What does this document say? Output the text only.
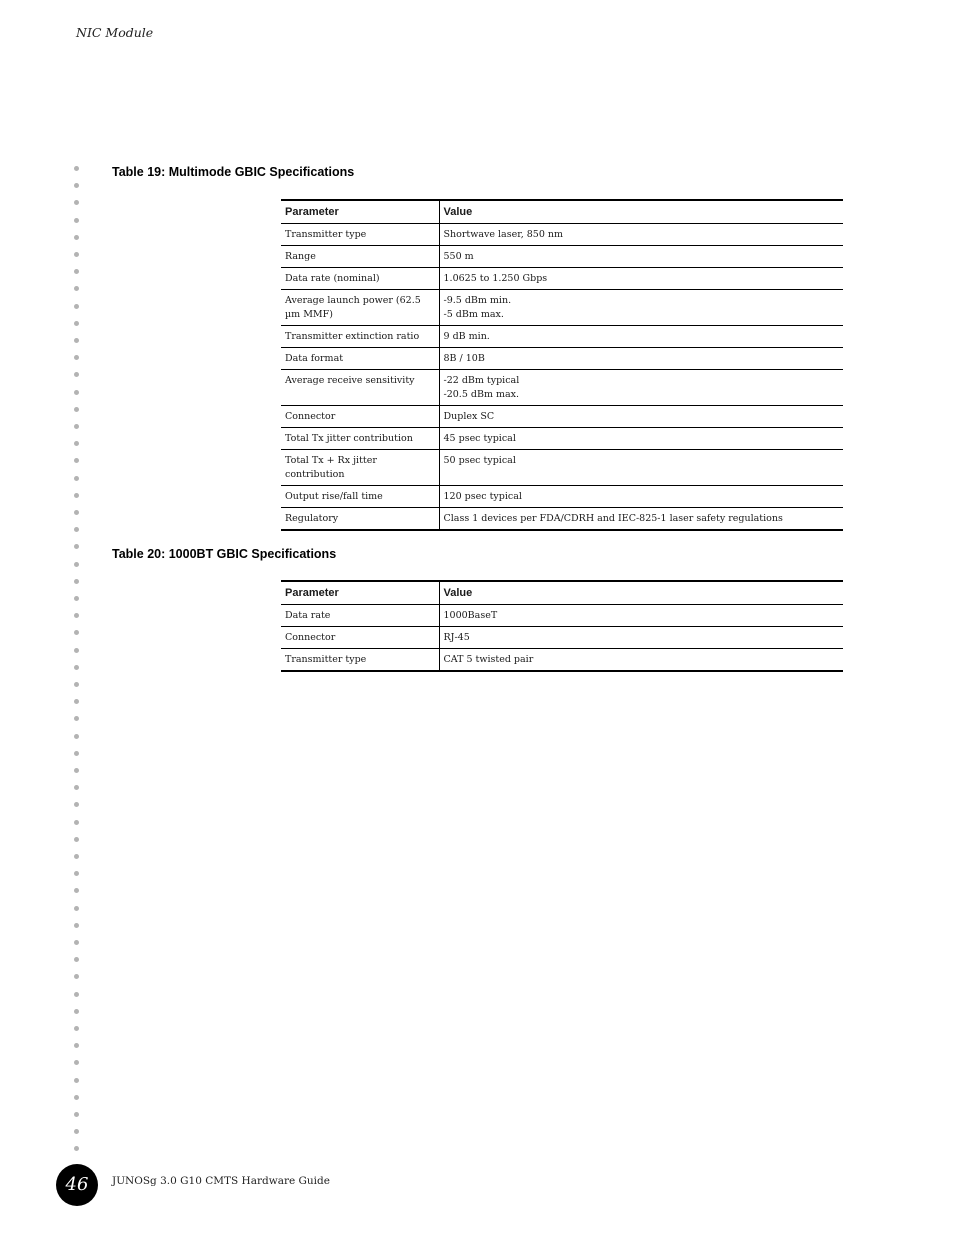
NIC Module
Table 19: Multimode GBIC Specifications
Parameter	Value
Transmitter type	Shortwave laser, 850 nm

Range	550 m

Data rate (nominal)	1.0625 to 1.250 Gbps

Average launch power (62.5 µm MMF)	-9.5 dBm min.
-5 dBm max.

Transmitter extinction ratio	9 dB min.

Data format	8B / 10B

Average receive sensitivity	-22 dBm typical
-20.5 dBm max.

Connector	Duplex SC

Total Tx jitter contribution	45 psec typical

Total Tx + Rx jitter contribution	50 psec typical

Output rise/fall time	120 psec typical

Regulatory	Class 1 devices per FDA/CDRH and IEC-825-1 laser safety regulations
Table 20: 1000BT GBIC Specifications
Parameter	Value
Data rate	1000BaseT

Connector	RJ-45

Transmitter type	CAT 5 twisted pair
46	JUNOSg 3.0 G10 CMTS Hardware Guide
